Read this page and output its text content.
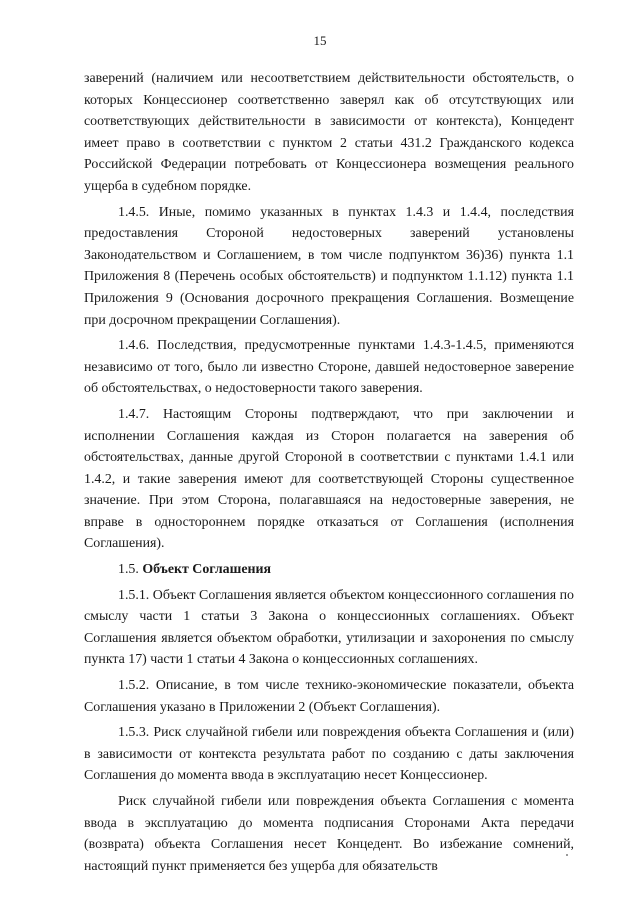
15

заверений (наличием или несоответствием действительности обстоятельств, о которых Концессионер соответственно заверял как об отсутствующих или соответствующих действительности в зависимости от контекста), Концедент имеет право в соответствии с пунктом 2 статьи 431.2 Гражданского кодекса Российской Федерации потребовать от Концессионера возмещения реального ущерба в судебном порядке.

1.4.5. Иные, помимо указанных в пунктах 1.4.3 и 1.4.4, последствия предоставления Стороной недостоверных заверений установлены Законодательством и Соглашением, в том числе подпунктом 36)36) пункта 1.1 Приложения 8 (Перечень особых обстоятельств) и подпунктом 1.1.12) пункта 1.1 Приложения 9 (Основания досрочного прекращения Соглашения. Возмещение при досрочном прекращении Соглашения).

1.4.6. Последствия, предусмотренные пунктами 1.4.3-1.4.5, применяются независимо от того, было ли известно Стороне, давшей недостоверное заверение об обстоятельствах, о недостоверности такого заверения.

1.4.7. Настоящим Стороны подтверждают, что при заключении и исполнении Соглашения каждая из Сторон полагается на заверения об обстоятельствах, данные другой Стороной в соответствии с пунктами 1.4.1 или 1.4.2, и такие заверения имеют для соответствующей Стороны существенное значение. При этом Сторона, полагавшаяся на недостоверные заверения, не вправе в одностороннем порядке отказаться от Соглашения (исполнения Соглашения).

1.5. Объект Соглашения

1.5.1. Объект Соглашения является объектом концессионного соглашения по смыслу части 1 статьи 3 Закона о концессионных соглашениях. Объект Соглашения является объектом обработки, утилизации и захоронения по смыслу пункта 17) части 1 статьи 4 Закона о концессионных соглашениях.

1.5.2. Описание, в том числе технико-экономические показатели, объекта Соглашения указано в Приложении 2 (Объект Соглашения).

1.5.3. Риск случайной гибели или повреждения объекта Соглашения и (или) в зависимости от контекста результата работ по созданию с даты заключения Соглашения до момента ввода в эксплуатацию несет Концессионер.

Риск случайной гибели или повреждения объекта Соглашения с момента ввода в эксплуатацию до момента подписания Сторонами Акта передачи (возврата) объекта Соглашения несет Концедент. Во избежание сомнений, настоящий пункт применяется без ущерба для обязательств
